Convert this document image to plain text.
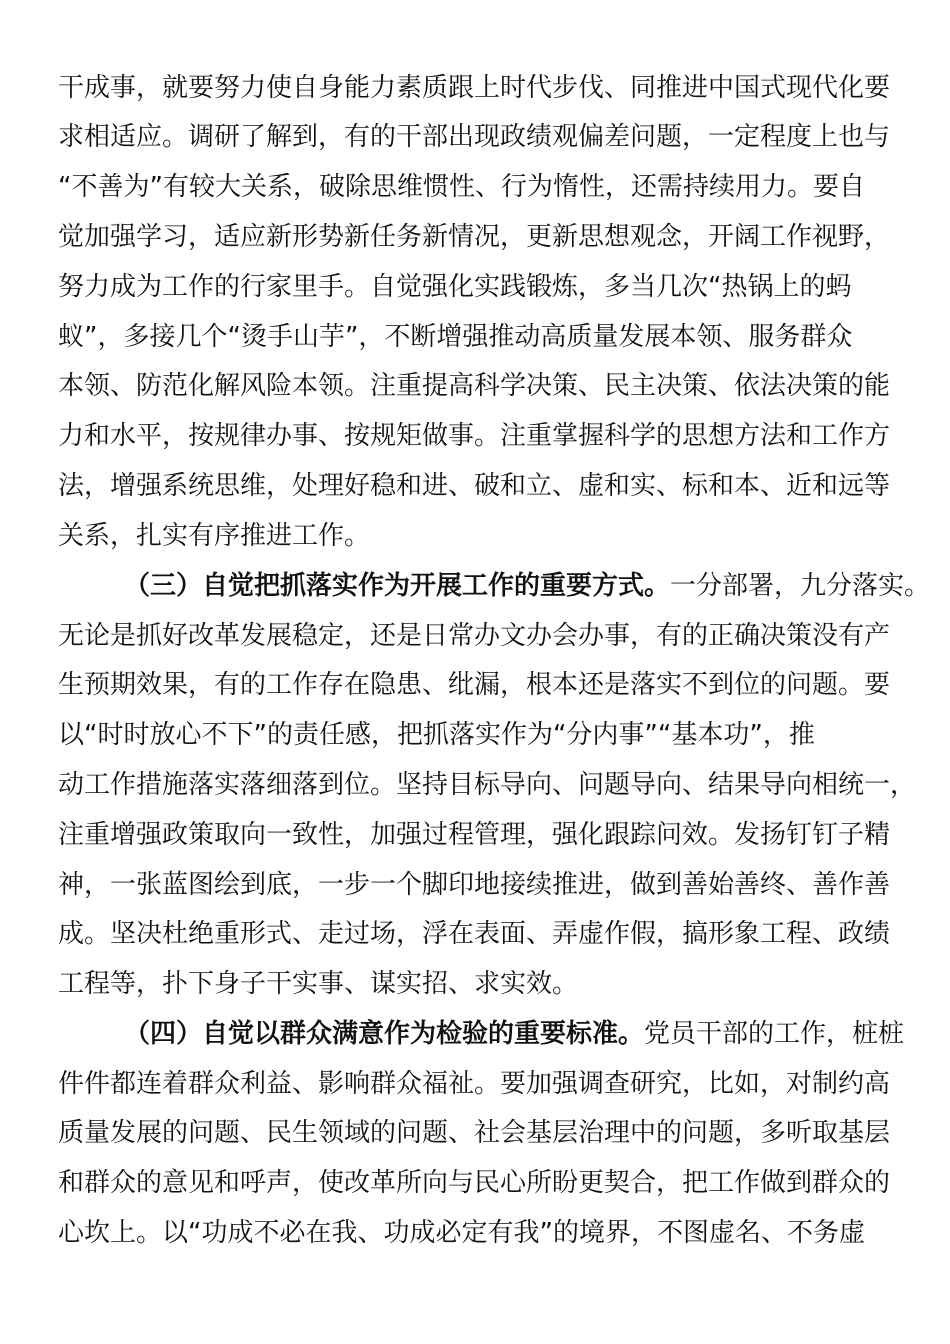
干成事，就要努力使自身能力素质跟上时代步伐、同推进中国式现代化要
求相适应。调研了解到，有的干部出现政绩观偏差问题，一定程度上也与
“不善为”有较大关系，破除思维惯性、行为惰性，还需持续用力。要自
觉加强学习，适应新形势新任务新情况，更新思想观念，开阔工作视野，
努力成为工作的行家里手。自觉强化实践锻炼，多当几次“热锅上的蚂
蚁”，多接几个“烫手山芋”，不断增强推动高质量发展本领、服务群众
本领、防范化解风险本领。注重提高科学决策、民主决策、依法决策的能
力和水平，按规律办事、按规矩做事。注重掌握科学的思想方法和工作方
法，增强系统思维，处理好稳和进、破和立、虚和实、标和本、近和远等
关系，扎实有序推进工作。
（三）自觉把抓落实作为开展工作的重要方式。一分部署，九分落实。
无论是抓好改革发展稳定，还是日常办文办会办事，有的正确决策没有产
生预期效果，有的工作存在隐患、纰漏，根本还是落实不到位的问题。要
以“时时放心不下”的责任感，把抓落实作为“分内事”“基本功”，推
动工作措施落实落细落到位。坚持目标导向、问题导向、结果导向相统一，
注重增强政策取向一致性，加强过程管理，强化跟踪问效。发扬钉钉子精
神，一张蓝图绘到底，一步一个脚印地接续推进，做到善始善终、善作善
成。坚决杜绝重形式、走过场，浮在表面、弄虚作假，搞形象工程、政绩
工程等，扑下身子干实事、谋实招、求实效。
（四）自觉以群众满意作为检验的重要标准。党员干部的工作，桩桩
件件都连着群众利益、影响群众福祉。要加强调查研究，比如，对制约高
质量发展的问题、民生领域的问题、社会基层治理中的问题，多听取基层
和群众的意见和呼声，使改革所向与民心所盼更契合，把工作做到群众的
心坎上。以“功成不必在我、功成必定有我”的境界，不图虚名、不务虚
